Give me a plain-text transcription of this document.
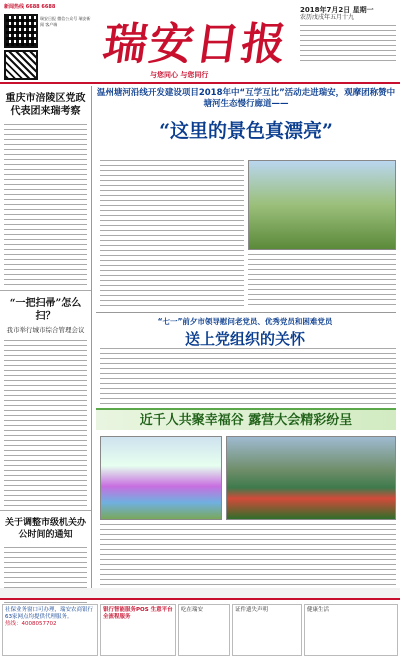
新闻热线 6688 6688
瑞安日报 微信公众号 瑞安新闻 客户端 瑞安日报
与您同心 与您同行
2018年7月2日 星期一
农历戊戌年五月十九
重庆市涪陵区党政代表团来瑞考察
“一把扫帚”怎么扫？
我市举行城市综合管理会议
关于调整市级机关办公时间的通知
温州塘河沿线开发建设项目2018年中“互学互比”活动走进瑞安，观摩团称赞中塘河生态慢行廊道——
“这里的景色真漂亮”
“七一”前夕市领导慰问老党员、优秀党员和困难党员
送上党组织的关怀
近千人共聚幸福谷 露营大会精彩纷呈
社保业务窗口可办理，瑞安农商银行 63家网点均提供代理服务。
热线：4008057702
银行智能服务POS 生意平台全流程服务
吃在瑞安	证件遗失声明	健康生活
